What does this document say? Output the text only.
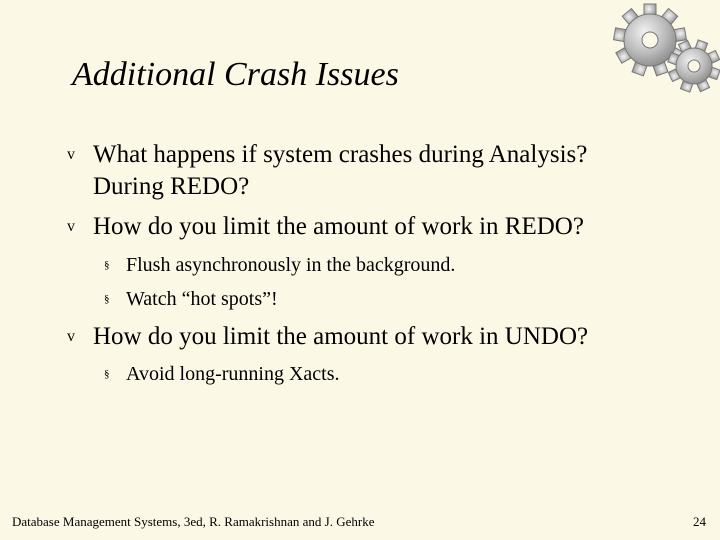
Additional Crash Issues
v What happens if system crashes during Analysis?
During REDO?
v How do you limit the amount of work in REDO?
§ Flush asynchronously in the background.
§ Watch “hot spots”!
v How do you limit the amount of work in UNDO?
§ Avoid long-running Xacts.
Database Management Systems, 3ed, R. Ramakrishnan and J. Gehrke	24
